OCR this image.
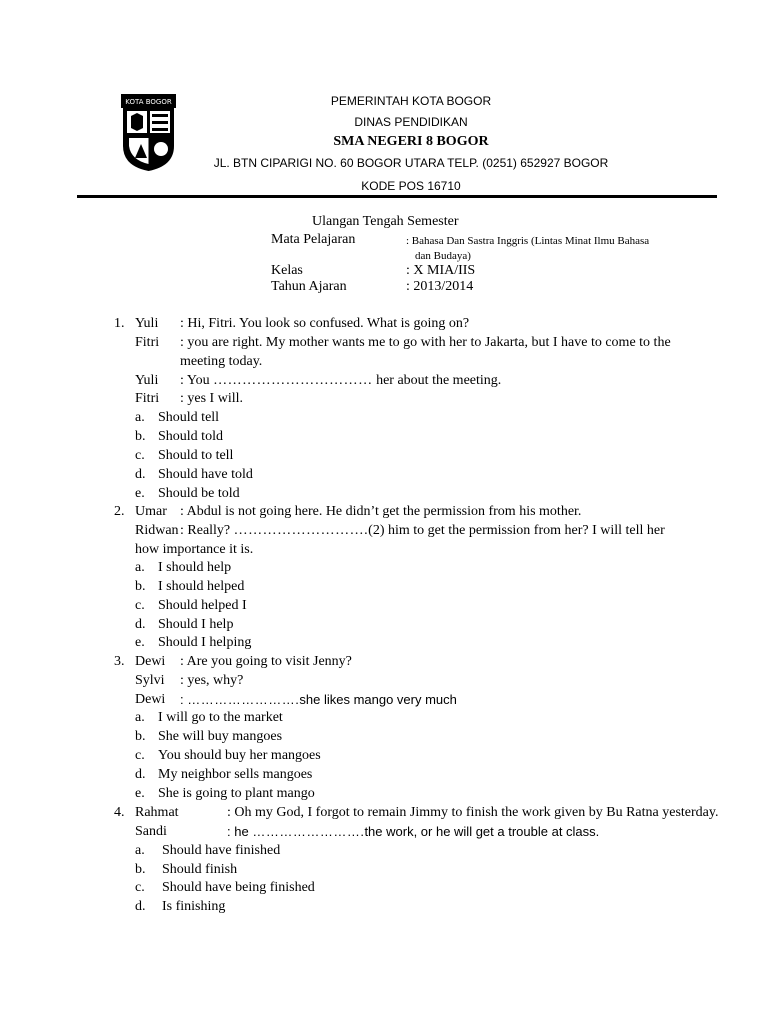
KOTA BOGOR	PEMERINTAH KOTA BOGOR
DINAS PENDIDIKAN
SMA NEGERI 8 BOGOR
JL. BTN CIPARIGI NO. 60 BOGOR UTARA TELP. (0251) 652927 BOGOR
KODE POS 16710
Ulangan Tengah Semester
Mata Pelajaran	: Bahasa Dan Sastra Inggris (Lintas Minat Ilmu Bahasa
dan Budaya)
Kelas	: X MIA/IIS
Tahun Ajaran	: 2013/2014
1. Yuli : Hi, Fitri. You look so confused. What is going on?
Fitri : you are right. My mother wants me to go with her to Jakarta, but I have to come to the
meeting today.
Yuli : You …………………………… her about the meeting.
Fitri : yes I will.
a. Should tell
b. Should told
c. Should to tell
d. Should have told
e. Should be told
2. Umar : Abdul is not going here. He didn’t get the permission from his mother.
Ridwan : Really? ……………………….(2) him to get the permission from her? I will tell her
how importance it is.
a. I should help
b. I should helped
c. Should helped I
d. Should I help
e. Should I helping
3. Dewi : Are you going to visit Jenny?
Sylvi : yes, why?
Dewi : …………………….she likes mango very much
a. I will go to the market
b. She will buy mangoes
c. You should buy her mangoes
d. My neighbor sells mangoes
e. She is going to plant mango
4. Rahmat	: Oh my God, I forgot to remain Jimmy to finish the work given by Bu Ratna yesterday.
Sandi	: he …………………….the work, or he will get a trouble at class.
a. Should have finished
b. Should finish
c. Should have being finished
d. Is finishing
